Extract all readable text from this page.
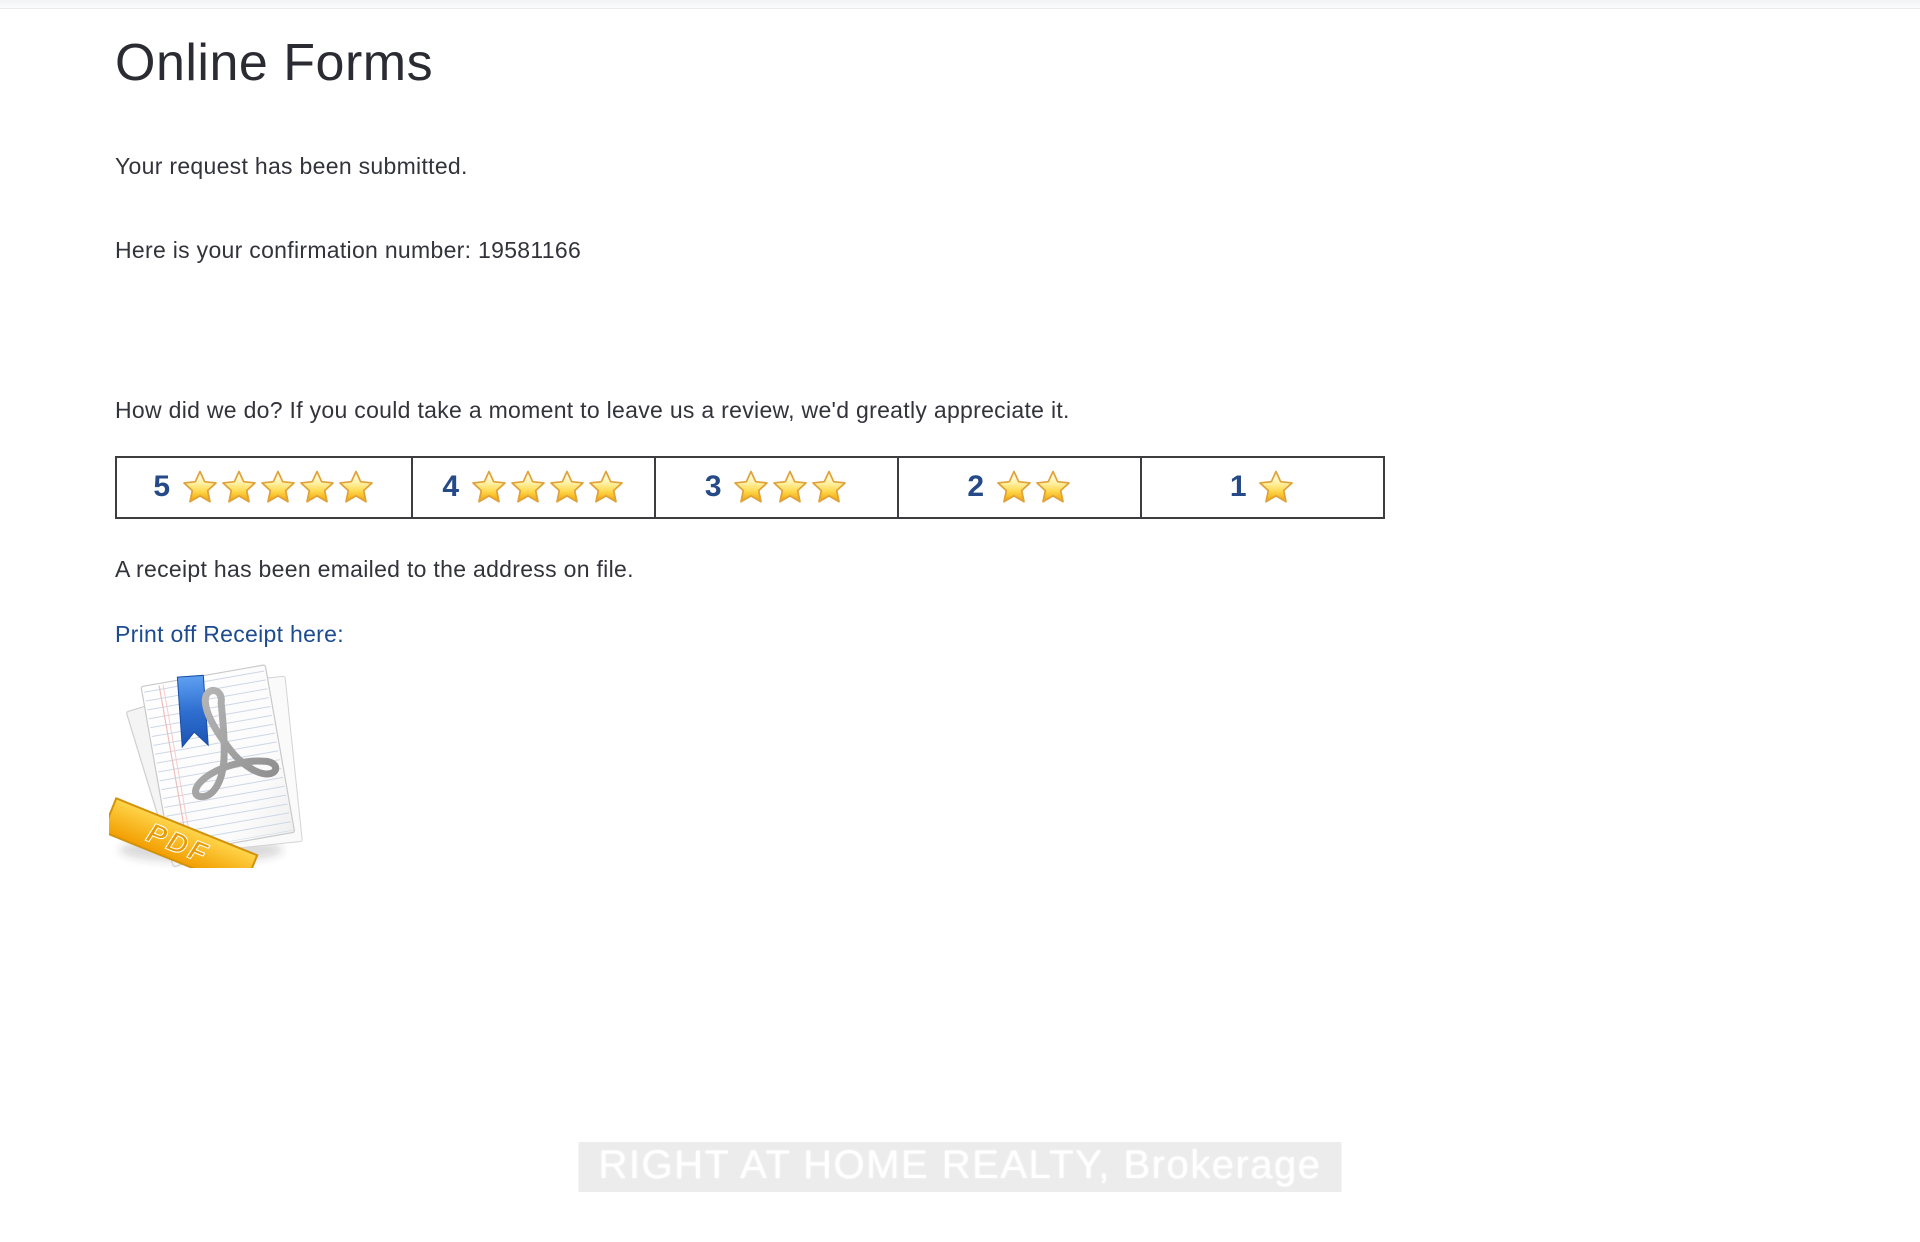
Online Forms

Your request has been submitted.

Here is your confirmation number: 19581166

How did we do? If you could take a moment to leave us a review, we'd greatly appreciate it.

5	4	3	2	1

A receipt has been emailed to the address on file.

Print off Receipt here:

PDF
RIGHT AT HOME REALTY, Brokerage
